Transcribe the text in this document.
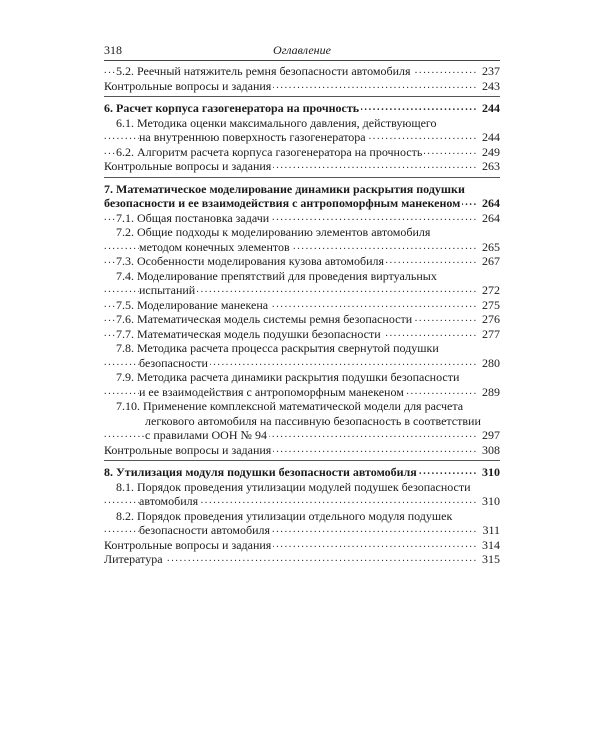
318	Оглавление
5.2. Реечный натяжитель ремня безопасности автомобиля	237
. . .
Контрольные вопросы и задания	243
. . .
6. Расчет корпуса газогенератора на прочность	244
. . .
6.1. Методика оценки максимального давления, действующего
на внутреннюю поверхность газогенератора	244
. . .
6.2. Алгоритм расчета корпуса газогенератора на прочность	249
. . .
Контрольные вопросы и задания	263
. . .
7. Математическое моделирование динамики раскрытия подушки
безопасности и ее взаимодействия с антропоморфным манекеном	264
. . .
7.1. Общая постановка задачи	264
. . .
7.2. Общие подходы к моделированию элементов автомобиля
методом конечных элементов	265
. . .
7.3. Особенности моделирования кузова автомобиля	267
. . .
7.4. Моделирование препятствий для проведения виртуальных
испытаний	272
. . .
7.5. Моделирование манекена	275
. . .
7.6. Математическая модель системы ремня безопасности	276
. . .
7.7. Математическая модель подушки безопасности	277
. . .
7.8. Методика расчета процесса раскрытия свернутой подушки
безопасности	280
. . .
7.9. Методика расчета динамики раскрытия подушки безопасности
и ее взаимодействия с антропоморфным манекеном	289
. . .
7.10. Применение комплексной математической модели для расчета
легкового автомобиля на пассивную безопасность в соответствии
с правилами ООН № 94	297
. . .
Контрольные вопросы и задания	308
. . .
8. Утилизация модуля подушки безопасности автомобиля	310
. . .
8.1. Порядок проведения утилизации модулей подушек безопасности
автомобиля	310
. . .
8.2. Порядок проведения утилизации отдельного модуля подушек
безопасности автомобиля	311
. . .
Контрольные вопросы и задания	314
. . .
Литература	315
. . .
